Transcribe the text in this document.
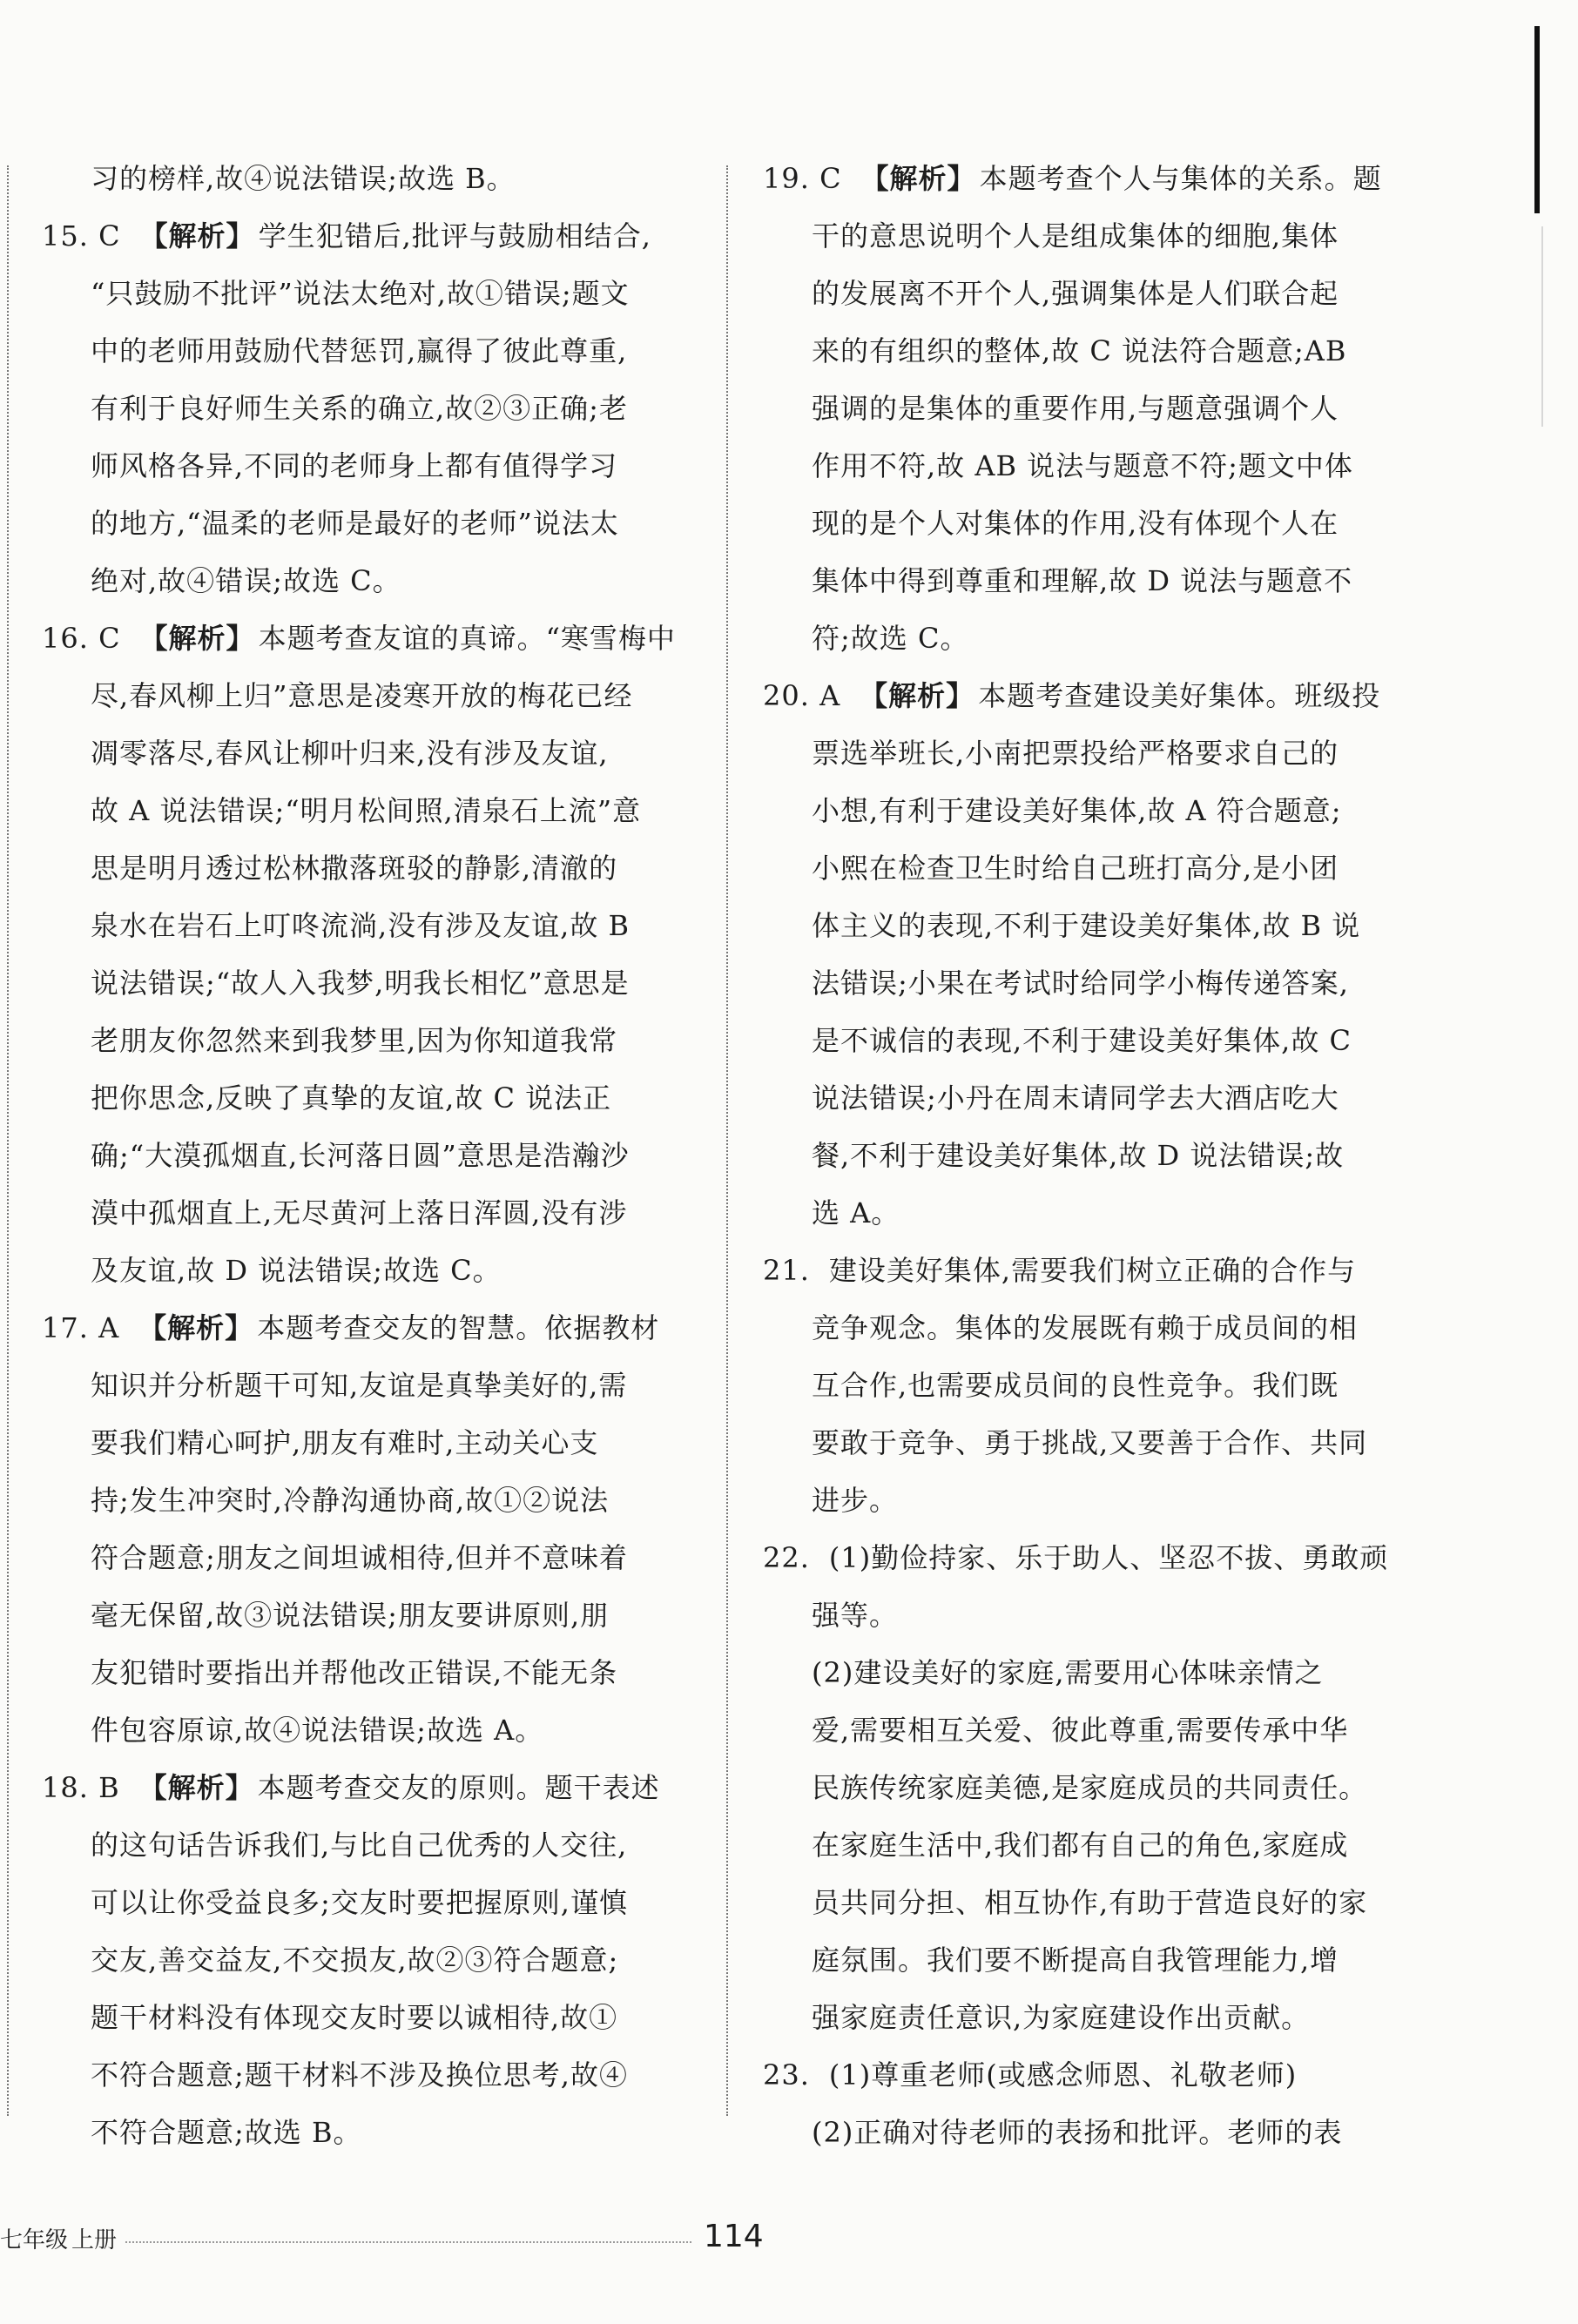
习的榜样,故④说法错误;故选 B。
15. C 【解析】 学生犯错后,批评与鼓励相结合,
“只鼓励不批评”说法太绝对,故①错误;题文
中的老师用鼓励代替惩罚,赢得了彼此尊重,
有利于良好师生关系的确立,故②③正确;老
师风格各异,不同的老师身上都有值得学习
的地方,“温柔的老师是最好的老师”说法太
绝对,故④错误;故选 C。
16. C 【解析】 本题考查友谊的真谛。“寒雪梅中
尽,春风柳上归”意思是凌寒开放的梅花已经
凋零落尽,春风让柳叶归来,没有涉及友谊,
故 A 说法错误;“明月松间照,清泉石上流”意
思是明月透过松林撒落斑驳的静影,清澈的
泉水在岩石上叮咚流淌,没有涉及友谊,故 B
说法错误;“故人入我梦,明我长相忆”意思是
老朋友你忽然来到我梦里,因为你知道我常
把你思念,反映了真挚的友谊,故 C 说法正
确;“大漠孤烟直,长河落日圆”意思是浩瀚沙
漠中孤烟直上,无尽黄河上落日浑圆,没有涉
及友谊,故 D 说法错误;故选 C。
17. A 【解析】 本题考查交友的智慧。依据教材
知识并分析题干可知,友谊是真挚美好的,需
要我们精心呵护,朋友有难时,主动关心支
持;发生冲突时,冷静沟通协商,故①②说法
符合题意;朋友之间坦诚相待,但并不意味着
毫无保留,故③说法错误;朋友要讲原则,朋
友犯错时要指出并帮他改正错误,不能无条
件包容原谅,故④说法错误;故选 A。
18. B 【解析】 本题考查交友的原则。题干表述
的这句话告诉我们,与比自己优秀的人交往,
可以让你受益良多;交友时要把握原则,谨慎
交友,善交益友,不交损友,故②③符合题意;
题干材料没有体现交友时要以诚相待,故①
不符合题意;题干材料不涉及换位思考,故④
不符合题意;故选 B。
19. C 【解析】 本题考查个人与集体的关系。题
干的意思说明个人是组成集体的细胞,集体
的发展离不开个人,强调集体是人们联合起
来的有组织的整体,故 C 说法符合题意;AB
强调的是集体的重要作用,与题意强调个人
作用不符,故 AB 说法与题意不符;题文中体
现的是个人对集体的作用,没有体现个人在
集体中得到尊重和理解,故 D 说法与题意不
符;故选 C。
20. A 【解析】 本题考查建设美好集体。班级投
票选举班长,小南把票投给严格要求自己的
小想,有利于建设美好集体,故 A 符合题意;
小熙在检查卫生时给自己班打高分,是小团
体主义的表现,不利于建设美好集体,故 B 说
法错误;小果在考试时给同学小梅传递答案,
是不诚信的表现,不利于建设美好集体,故 C
说法错误;小丹在周末请同学去大酒店吃大
餐,不利于建设美好集体,故 D 说法错误;故
选 A。
21. 建设美好集体,需要我们树立正确的合作与
竞争观念。集体的发展既有赖于成员间的相
互合作,也需要成员间的良性竞争。我们既
要敢于竞争、勇于挑战,又要善于合作、共同
进步。
22. (1)勤俭持家、乐于助人、坚忍不拔、勇敢顽
强等。
(2)建设美好的家庭,需要用心体味亲情之
爱,需要相互关爱、彼此尊重,需要传承中华
民族传统家庭美德,是家庭成员的共同责任。
在家庭生活中,我们都有自己的角色,家庭成
员共同分担、相互协作,有助于营造良好的家
庭氛围。我们要不断提高自我管理能力,增
强家庭责任意识,为家庭建设作出贡献。
23. (1)尊重老师(或感念师恩、礼敬老师)
(2)正确对待老师的表扬和批评。老师的表
七年级 上册	114
